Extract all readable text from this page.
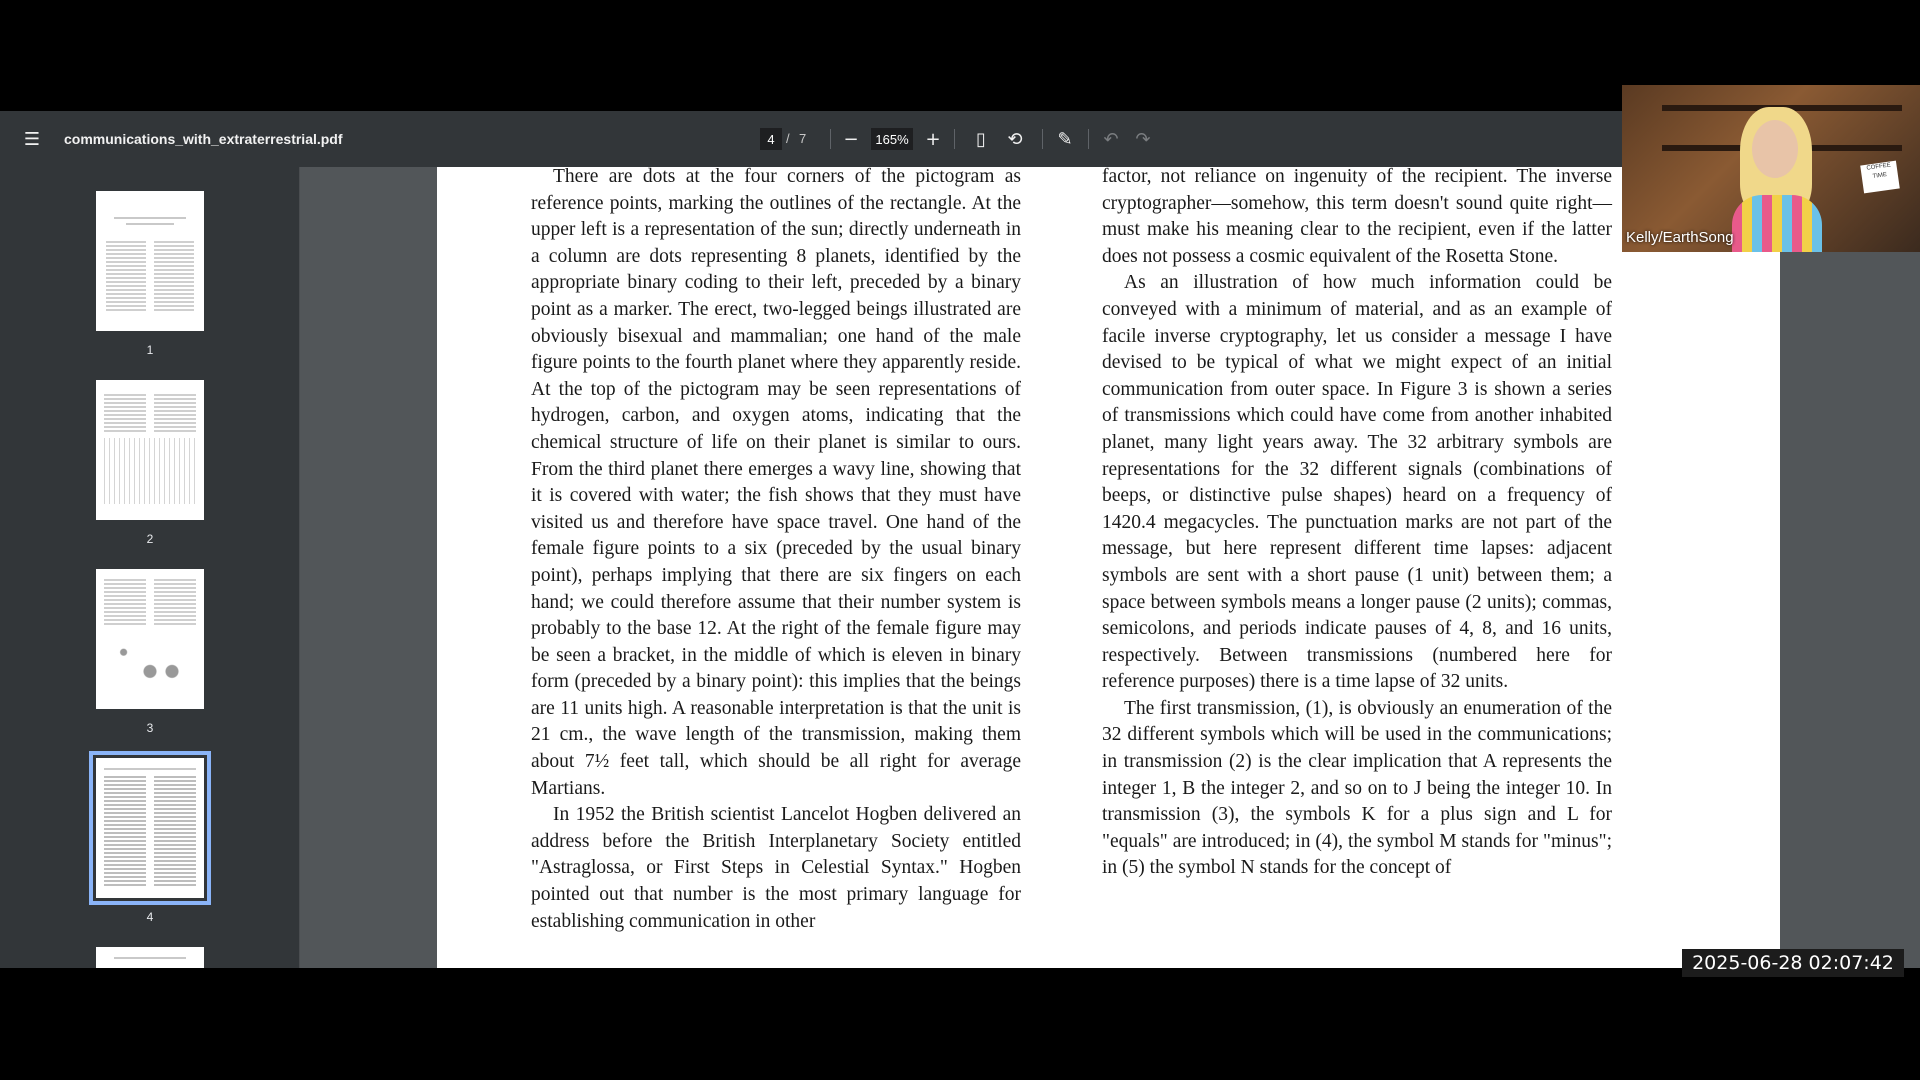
☰	communications_with_extraterrestrial.pdf	4 / 7	−	165% +	▯	⟲	✎	↶ ↷
1
2
3
4

There are dots at the four corners of the pictogram as reference points, marking the outlines of the rectangle. At the upper left is a representation of the sun; directly underneath in a column are dots representing 8 planets, identified by the appropriate binary coding to their left, preceded by a binary point as a marker. The erect, two-legged beings illustrated are obviously bisexual and mammalian; one hand of the male figure points to the fourth planet where they apparently reside. At the top of the pictogram may be seen representations of hydrogen, carbon, and oxygen atoms, indicating that the chemical structure of life on their planet is similar to ours. From the third planet there emerges a wavy line, showing that it is covered with water; the fish shows that they must have visited us and therefore have space travel. One hand of the female figure points to a six (preceded by the usual binary point), perhaps implying that there are six fingers on each hand; we could therefore assume that their number system is probably to the base 12. At the right of the female figure may be seen a bracket, in the middle of which is eleven in binary form (preceded by a binary point): this implies that the beings are 11 units high. A reasonable interpretation is that the unit is 21 cm., the wave length of the transmission, making them about 7½ feet tall, which should be all right for average Martians.

In 1952 the British scientist Lancelot Hogben delivered an address before the British Interplanetary Society entitled "Astraglossa, or First Steps in Celestial Syntax." Hogben pointed out that number is the most primary language for establishing communication in other

factor, not reliance on ingenuity of the recipient. The inverse cryptographer—somehow, this term doesn't sound quite right—must make his meaning clear to the recipient, even if the latter does not possess a cosmic equivalent of the Rosetta Stone.

As an illustration of how much information could be conveyed with a minimum of material, and as an example of facile inverse cryptography, let us consider a message I have devised to be typical of what we might expect of an initial communication from outer space. In Figure 3 is shown a series of transmissions which could have come from another inhabited planet, many light years away. The 32 arbitrary symbols are representations for the 32 different signals (combinations of beeps, or distinctive pulse shapes) heard on a frequency of 1420.4 megacycles. The punctuation marks are not part of the message, but here represent different time lapses: adjacent symbols are sent with a short pause (1 unit) between them; a space between symbols means a longer pause (2 units); commas, semicolons, and periods indicate pauses of 4, 8, and 16 units, respectively. Between transmissions (numbered here for reference purposes) there is a time lapse of 32 units.

The first transmission, (1), is obviously an enumeration of the 32 different symbols which will be used in the communications; in transmission (2) is the clear implication that A represents the integer 1, B the integer 2, and so on to J being the integer 10. In transmission (3), the symbols K for a plus sign and L for "equals" are introduced; in (4), the symbol M stands for "minus"; in (5) the symbol N stands for the concept of

COFFEE TIME
Kelly/EarthSong
2025-06-28 02:07:42
